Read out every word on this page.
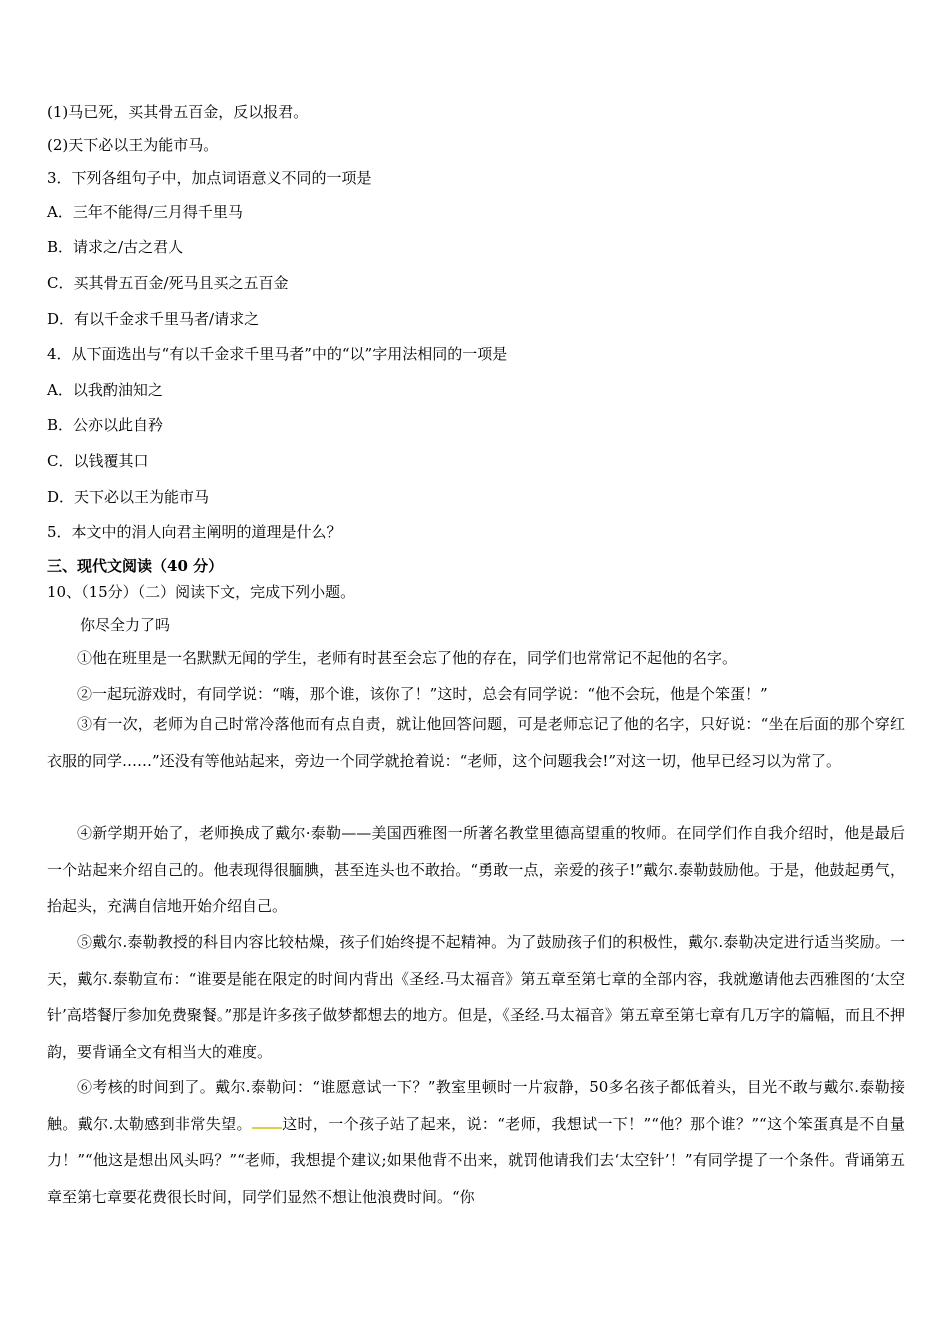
(1)马已死，买其骨五百金，反以报君。
(2)天下必以王为能市马。
3．下列各组句子中，加点词语意义不同的一项是
A．三年不能得/三月得千里马
B．请求之/古之君人
C．买其骨五百金/死马且买之五百金
D．有以千金求千里马者/请求之
4．从下面选出与“有以千金求千里马者”中的“以”字用法相同的一项是
A．以我酌油知之
B．公亦以此自矜
C．以钱覆其口
D．天下必以王为能市马
5．本文中的涓人向君主阐明的道理是什么？
三、现代文阅读（40 分）
10、（15分）（二）阅读下文，完成下列小题。
你尽全力了吗
①他在班里是一名默默无闻的学生，老师有时甚至会忘了他的存在，同学们也常常记不起他的名字。
②一起玩游戏时，有同学说：“嗨，那个谁，该你了！”这时，总会有同学说：“他不会玩，他是个笨蛋！”
③有一次，老师为自己时常冷落他而有点自责，就让他回答问题，可是老师忘记了他的名字，只好说：“坐在后面的那个穿红衣服的同学……”还没有等他站起来，旁边一个同学就抢着说：“老师，这个问题我会!”对这一切，他早已经习以为常了。
④新学期开始了，老师换成了戴尔·泰勒——美国西雅图一所著名教堂里德高望重的牧师。在同学们作自我介绍时，他是最后一个站起来介绍自己的。他表现得很腼腆，甚至连头也不敢抬。“勇敢一点，亲爱的孩子!”戴尔.泰勒鼓励他。于是，他鼓起勇气，抬起头，充满自信地开始介绍自己。
⑤戴尔.泰勒教授的科目内容比较枯燥，孩子们始终提不起精神。为了鼓励孩子们的积极性，戴尔.泰勒决定进行适当奖励。一天，戴尔.泰勒宣布：“谁要是能在限定的时间内背出《圣经.马太福音》第五章至第七章的全部内容，我就邀请他去西雅图的‘太空针’高塔餐厅参加免费聚餐。”那是许多孩子做梦都想去的地方。但是，《圣经.马太福音》第五章至第七章有几万字的篇幅，而且不押韵，要背诵全文有相当大的难度。
⑥考核的时间到了。戴尔.泰勒问：“谁愿意试一下？”教室里顿时一片寂静，50多名孩子都低着头，目光不敢与戴尔.泰勒接触。戴尔.太勒感到非常失望。 这时，一个孩子站了起来，说：“老师，我想试一下！”“他？那个谁？”“这个笨蛋真是不自量力！”“他这是想出风头吗？”“老师，我想提个建议;如果他背不出来，就罚他请我们去‘太空针’！”有同学提了一个条件。背诵第五章至第七章要花费很长时间，同学们显然不想让他浪费时间。“你
